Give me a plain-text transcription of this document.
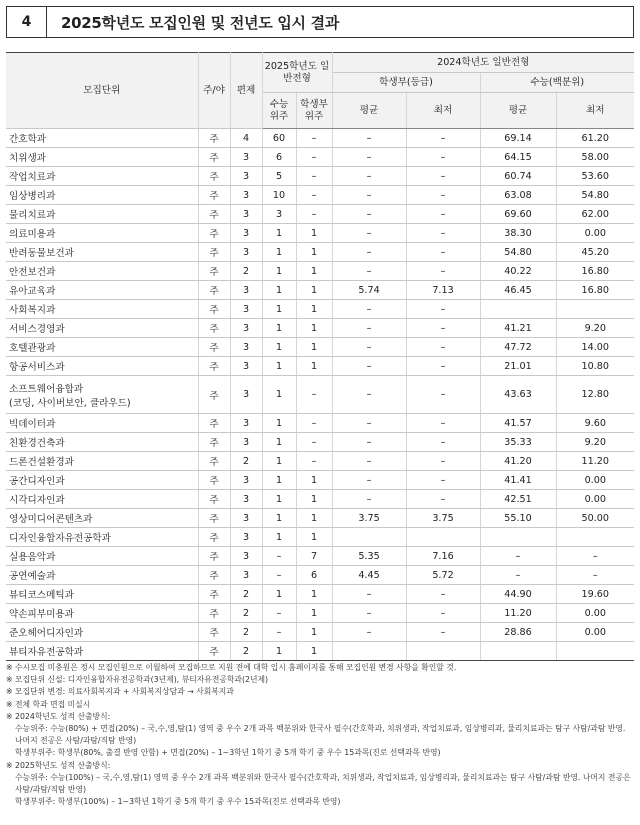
4	2025학년도 모집인원 및 전년도 입시 결과
모집단위	주/야	편제	2025학년도 일반전형		2024학년도 일반전형			
					학생부(등급)		수능(백분위)	
			수능 위주	학생부 위주	평균	최저	평균	최저
간호학과	주	4	60	–	–	–	69.14	61.20
치위생과	주	3	6	–	–	–	64.15	58.00
작업치료과	주	3	5	–	–	–	60.74	53.60
임상병리과	주	3	10	–	–	–	63.08	54.80
물리치료과	주	3	3	–	–	–	69.60	62.00
의료미용과	주	3	1	1	–	–	38.30	0.00
반려동물보건과	주	3	1	1	–	–	54.80	45.20
안전보건과	주	2	1	1	–	–	40.22	16.80
유아교육과	주	3	1	1	5.74	7.13	46.45	16.80
사회복지과	주	3	1	1	–	–		
서비스경영과	주	3	1	1	–	–	41.21	9.20
호텔관광과	주	3	1	1	–	–	47.72	14.00
항공서비스과	주	3	1	1	–	–	21.01	10.80
소프트웨어융합과
(코딩, 사이버보안, 클라우드)	주	3	1	–	–	–	43.63	12.80
빅데이터과	주	3	1	–	–	–	41.57	9.60
친환경건축과	주	3	1	–	–	–	35.33	9.20
드론건설환경과	주	2	1	–	–	–	41.20	11.20
공간디자인과	주	3	1	1	–	–	41.41	0.00
시각디자인과	주	3	1	1	–	–	42.51	0.00
영상미디어콘텐츠과	주	3	1	1	3.75	3.75	55.10	50.00
디자인융합자유전공학과	주	3	1	1				
실용음악과	주	3	–	7	5.35	7.16	–	–
공연예술과	주	3	–	6	4.45	5.72	–	–
뷰티코스메틱과	주	2	1	1	–	–	44.90	19.60
약손피부미용과	주	2	–	1	–	–	11.20	0.00
준오헤어디자인과	주	2	–	1	–	–	28.86	0.00
뷰티자유전공학과	주	2	1	1				
※ 수시모집 미충원은 정시 모집인원으로 이월하여 모집하므로 지원 전에 대학 입시 홈페이지를 통해 모집인원 변경 사항을 확인할 것.
※ 모집단위 신설: 디자인융합자유전공학과(3년제), 뷰티자유전공학과(2년제)
※ 모집단위 변경: 의료사회복지과 + 사회복지상담과 → 사회복지과
※ 전체 학과 면접 미실시
※ 2024학년도 성적 산출방식:
수능위주: 수능(80%) + 면접(20%) – 국,수,영,탐(1) 영역 중 우수 2개 과목 백분위와 한국사 필수(간호학과, 치위생과, 작업치료과, 임상병리과, 물리치료과는 탐구 사탐/과탐 반영. 나머지 전공은 사탐/과탐/직탐 반영)
학생부위주: 학생부(80%, 출결 반영 안함) + 면접(20%) – 1~3학년 1학기 중 5개 학기 중 우수 15과목(진로 선택과목 반영)
※ 2025학년도 성적 산출방식:
수능위주: 수능(100%) – 국,수,영,탐(1) 영역 중 우수 2개 과목 백분위와 한국사 필수(간호학과, 치위생과, 작업치료과, 임상병리과, 물리치료과는 탐구 사탐/과탐 반영. 나머지 전공은 사탐/과탐/직탐 반영)
학생부위주: 학생부(100%) – 1~3학년 1학기 중 5개 학기 중 우수 15과목(진로 선택과목 반영)
